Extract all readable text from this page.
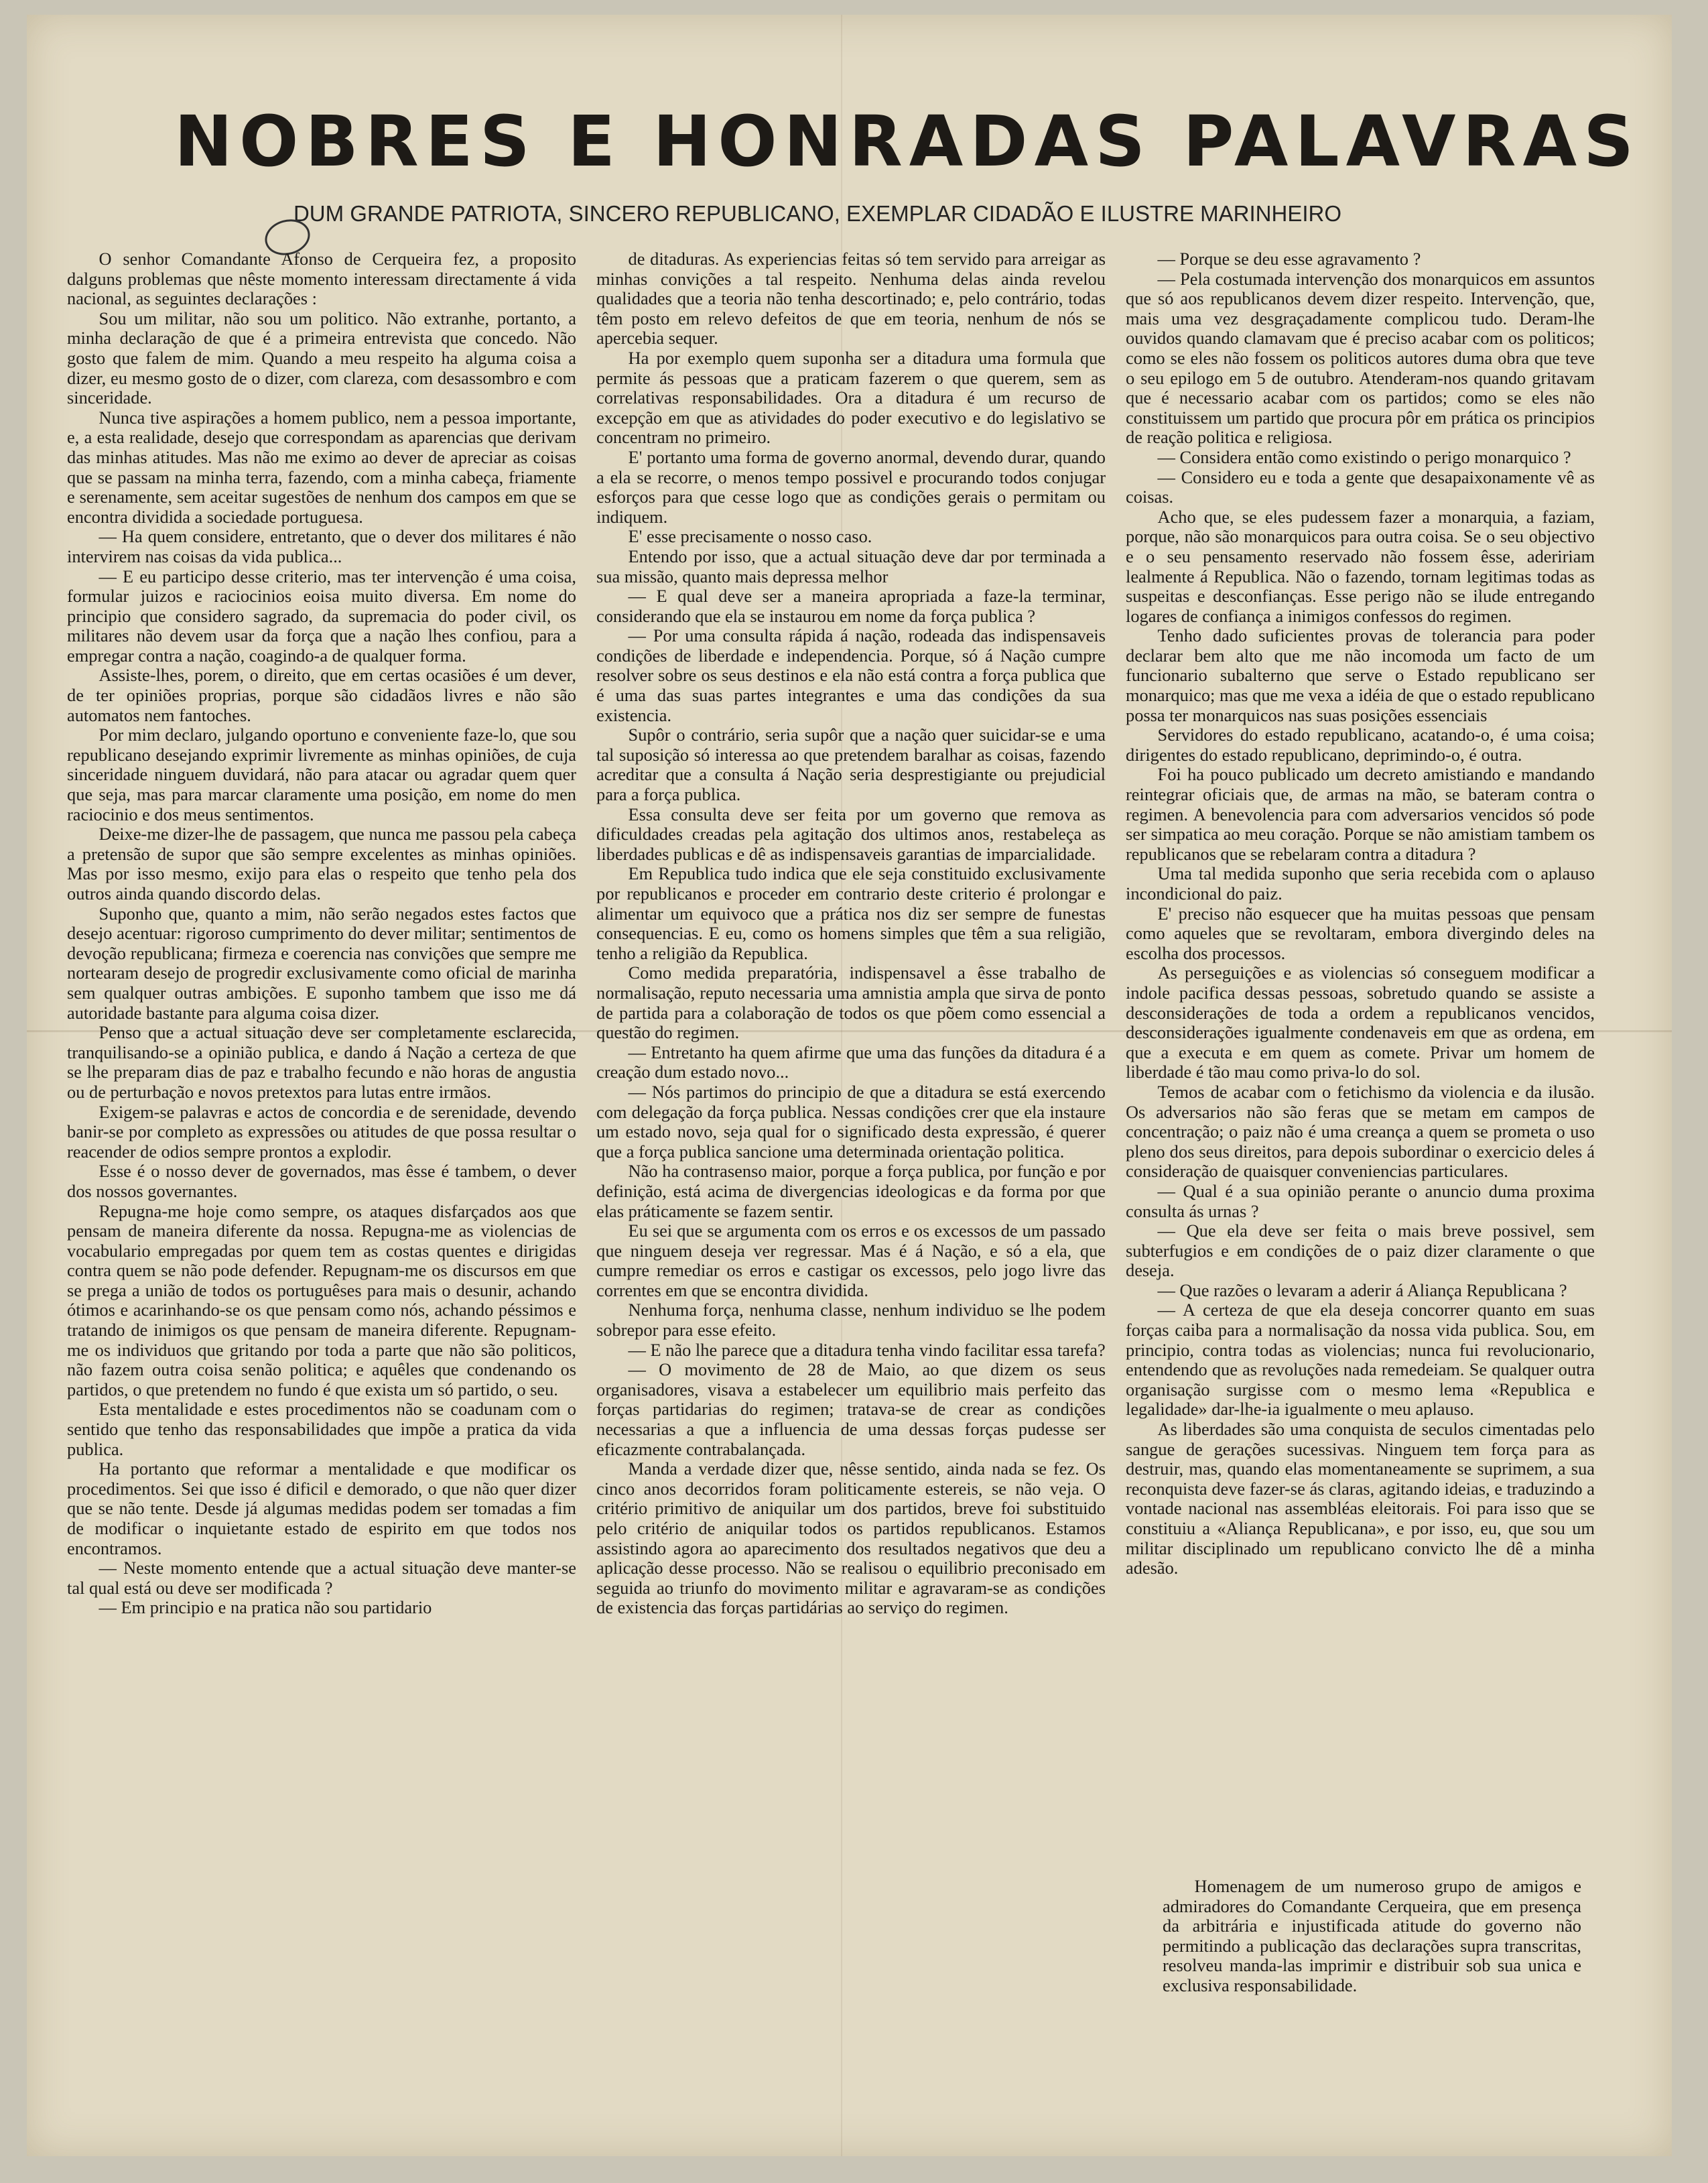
NOBRES E HONRADAS PALAVRAS
DUM GRANDE PATRIOTA, SINCERO REPUBLICANO, EXEMPLAR CIDADÃO E ILUSTRE MARINHEIRO

O senhor Comandante Afonso de Cerqueira fez, a proposito dalguns problemas que nêste momento interessam directamente á vida nacional, as seguintes declarações :

Sou um militar, não sou um politico. Não extranhe, portanto, a minha declaração de que é a primeira entrevista que concedo. Não gosto que falem de mim. Quando a meu respeito ha alguma coisa a dizer, eu mesmo gosto de o dizer, com clareza, com desassombro e com sinceridade.

Nunca tive aspirações a homem publico, nem a pessoa importante, e, a esta realidade, desejo que correspondam as aparencias que derivam das minhas atitudes. Mas não me eximo ao dever de apreciar as coisas que se passam na minha terra, fazendo, com a minha cabeça, friamente e serenamente, sem aceitar sugestões de nenhum dos campos em que se encontra dividida a sociedade portuguesa.

— Ha quem considere, entretanto, que o dever dos militares é não intervirem nas coisas da vida publica...

— E eu participo desse criterio, mas ter intervenção é uma coisa, formular juizos e raciocinios eoisa muito diversa. Em nome do principio que considero sagrado, da supremacia do poder civil, os militares não devem usar da força que a nação lhes confiou, para a empregar contra a nação, coagindo-a de qualquer forma.

Assiste-lhes, porem, o direito, que em certas ocasiões é um dever, de ter opiniões proprias, porque são cidadãos livres e não são automatos nem fantoches.

Por mim declaro, julgando oportuno e conveniente faze-lo, que sou republicano desejando exprimir livremente as minhas opiniões, de cuja sinceridade ninguem duvidará, não para atacar ou agradar quem quer que seja, mas para marcar claramente uma posição, em nome do men raciocinio e dos meus sentimentos.

Deixe-me dizer-lhe de passagem, que nunca me passou pela cabeça a pretensão de supor que são sempre excelentes as minhas opiniões. Mas por isso mesmo, exijo para elas o respeito que tenho pela dos outros ainda quando discordo delas.

Suponho que, quanto a mim, não serão negados estes factos que desejo acentuar: rigoroso cumprimento do dever militar; sentimentos de devoção republicana; firmeza e coerencia nas convições que sempre me nortearam desejo de progredir exclusivamente como oficial de marinha sem qualquer outras ambições. E suponho tambem que isso me dá autoridade bastante para alguma coisa dizer.

Penso que a actual situação deve ser completamente esclarecida, tranquilisando-se a opinião publica, e dando á Nação a certeza de que se lhe preparam dias de paz e trabalho fecundo e não horas de angustia ou de perturbação e novos pretextos para lutas entre irmãos.

Exigem-se palavras e actos de concordia e de serenidade, devendo banir-se por completo as expressões ou atitudes de que possa resultar o reacender de odios sempre prontos a explodir.

Esse é o nosso dever de governados, mas êsse é tambem, o dever dos nossos governantes.

Repugna-me hoje como sempre, os ataques disfarçados aos que pensam de maneira diferente da nossa. Repugna-me as violencias de vocabulario empregadas por quem tem as costas quentes e dirigidas contra quem se não pode defender. Repugnam-me os discursos em que se prega a união de todos os portuguêses para mais o desunir, achando ótimos e acarinhando-se os que pensam como nós, achando péssimos e tratando de inimigos os que pensam de maneira diferente. Repugnam-me os individuos que gritando por toda a parte que não são politicos, não fazem outra coisa senão politica; e aquêles que condenando os partidos, o que pretendem no fundo é que exista um só partido, o seu.

Esta mentalidade e estes procedimentos não se coadunam com o sentido que tenho das responsabilidades que impõe a pratica da vida publica.

Ha portanto que reformar a mentalidade e que modificar os procedimentos. Sei que isso é dificil e demorado, o que não quer dizer que se não tente. Desde já algumas medidas podem ser tomadas a fim de modificar o inquietante estado de espirito em que todos nos encontramos.

— Neste momento entende que a actual situação deve manter-se tal qual está ou deve ser modificada ?

— Em principio e na pratica não sou partidario

de ditaduras. As experiencias feitas só tem servido para arreigar as minhas convições a tal respeito. Nenhuma delas ainda revelou qualidades que a teoria não tenha descortinado; e, pelo contrário, todas têm posto em relevo defeitos de que em teoria, nenhum de nós se apercebia sequer.

Ha por exemplo quem suponha ser a ditadura uma formula que permite ás pessoas que a praticam fazerem o que querem, sem as correlativas responsabilidades. Ora a ditadura é um recurso de excepção em que as atividades do poder executivo e do legislativo se concentram no primeiro.

E' portanto uma forma de governo anormal, devendo durar, quando a ela se recorre, o menos tempo possivel e procurando todos conjugar esforços para que cesse logo que as condições gerais o permitam ou indiquem.

E' esse precisamente o nosso caso.

Entendo por isso, que a actual situação deve dar por terminada a sua missão, quanto mais depressa melhor

— E qual deve ser a maneira apropriada a faze-la terminar, considerando que ela se instaurou em nome da força publica ?

— Por uma consulta rápida á nação, rodeada das indispensaveis condições de liberdade e independencia. Porque, só á Nação cumpre resolver sobre os seus destinos e ela não está contra a força publica que é uma das suas partes integrantes e uma das condições da sua existencia.

Supôr o contrário, seria supôr que a nação quer suicidar-se e uma tal suposição só interessa ao que pretendem baralhar as coisas, fazendo acreditar que a consulta á Nação seria desprestigiante ou prejudicial para a força publica.

Essa consulta deve ser feita por um governo que remova as dificuldades creadas pela agitação dos ultimos anos, restabeleça as liberdades publicas e dê as indispensaveis garantias de imparcialidade.

Em Republica tudo indica que ele seja constituido exclusivamente por republicanos e proceder em contrario deste criterio é prolongar e alimentar um equivoco que a prática nos diz ser sempre de funestas consequencias. E eu, como os homens simples que têm a sua religião, tenho a religião da Republica.

Como medida preparatória, indispensavel a êsse trabalho de normalisação, reputo necessaria uma amnistia ampla que sirva de ponto de partida para a colaboração de todos os que põem como essencial a questão do regimen.

— Entretanto ha quem afirme que uma das funções da ditadura é a creação dum estado novo...

— Nós partimos do principio de que a ditadura se está exercendo com delegação da força publica. Nessas condições crer que ela instaure um estado novo, seja qual for o significado desta expressão, é querer que a força publica sancione uma determinada orientação politica.

Não ha contrasenso maior, porque a força publica, por função e por definição, está acima de divergencias ideologicas e da forma por que elas práticamente se fazem sentir.

Eu sei que se argumenta com os erros e os excessos de um passado que ninguem deseja ver regressar. Mas é á Nação, e só a ela, que cumpre remediar os erros e castigar os excessos, pelo jogo livre das correntes em que se encontra dividida.

Nenhuma força, nenhuma classe, nenhum individuo se lhe podem sobrepor para esse efeito.

— E não lhe parece que a ditadura tenha vindo facilitar essa tarefa?

— O movimento de 28 de Maio, ao que dizem os seus organisadores, visava a estabelecer um equilibrio mais perfeito das forças partidarias do regimen; tratava-se de crear as condições necessarias a que a influencia de uma dessas forças pudesse ser eficazmente contrabalançada.

Manda a verdade dizer que, nêsse sentido, ainda nada se fez. Os cinco anos decorridos foram politicamente estereis, se não veja. O critério primitivo de aniquilar um dos partidos, breve foi substituido pelo critério de aniquilar todos os partidos republicanos. Estamos assistindo agora ao aparecimento dos resultados negativos que deu a aplicação desse processo. Não se realisou o equilibrio preconisado em seguida ao triunfo do movimento militar e agravaram-se as condições de existencia das forças partidárias ao serviço do regimen.

— Porque se deu esse agravamento ?

— Pela costumada intervenção dos monarquicos em assuntos que só aos republicanos devem dizer respeito. Intervenção, que, mais uma vez desgraçadamente complicou tudo. Deram-lhe ouvidos quando clamavam que é preciso acabar com os politicos; como se eles não fossem os politicos autores duma obra que teve o seu epilogo em 5 de outubro. Atenderam-nos quando gritavam que é necessario acabar com os partidos; como se eles não constituissem um partido que procura pôr em prática os principios de reação politica e religiosa.

— Considera então como existindo o perigo monarquico ?

— Considero eu e toda a gente que desapaixonamente vê as coisas.

Acho que, se eles pudessem fazer a monarquia, a faziam, porque, não são monarquicos para outra coisa. Se o seu objectivo e o seu pensamento reservado não fossem êsse, adeririam lealmente á Republica. Não o fazendo, tornam legitimas todas as suspeitas e desconfianças. Esse perigo não se ilude entregando logares de confiança a inimigos confessos do regimen.

Tenho dado suficientes provas de tolerancia para poder declarar bem alto que me não incomoda um facto de um funcionario subalterno que serve o Estado republicano ser monarquico; mas que me vexa a idéia de que o estado republicano possa ter monarquicos nas suas posições essenciais

Servidores do estado republicano, acatando-o, é uma coisa; dirigentes do estado republicano, deprimindo-o, é outra.

Foi ha pouco publicado um decreto amistiando e mandando reintegrar oficiais que, de armas na mão, se bateram contra o regimen. A benevolencia para com adversarios vencidos só pode ser simpatica ao meu coração. Porque se não amistiam tambem os republicanos que se rebelaram contra a ditadura ?

Uma tal medida suponho que seria recebida com o aplauso incondicional do paiz.

E' preciso não esquecer que ha muitas pessoas que pensam como aqueles que se revoltaram, embora divergindo deles na escolha dos processos.

As perseguições e as violencias só conseguem modificar a indole pacifica dessas pessoas, sobretudo quando se assiste a desconsiderações de toda a ordem a republicanos vencidos, desconsiderações igualmente condenaveis em que as ordena, em que a executa e em quem as comete. Privar um homem de liberdade é tão mau como priva-lo do sol.

Temos de acabar com o fetichismo da violencia e da ilusão. Os adversarios não são feras que se metam em campos de concentração; o paiz não é uma creança a quem se prometa o uso pleno dos seus direitos, para depois subordinar o exercicio deles á consideração de quaisquer conveniencias particulares.

— Qual é a sua opinião perante o anuncio duma proxima consulta ás urnas ?

— Que ela deve ser feita o mais breve possivel, sem subterfugios e em condições de o paiz dizer claramente o que deseja.

— Que razões o levaram a aderir á Aliança Republicana ?

— A certeza de que ela deseja concorrer quanto em suas forças caiba para a normalisação da nossa vida publica. Sou, em principio, contra todas as violencias; nunca fui revolucionario, entendendo que as revoluções nada remedeiam. Se qualquer outra organisação surgisse com o mesmo lema «Republica e legalidade» dar-lhe-ia igualmente o meu aplauso.

As liberdades são uma conquista de seculos cimentadas pelo sangue de gerações sucessivas. Ninguem tem força para as destruir, mas, quando elas momentaneamente se suprimem, a sua reconquista deve fazer-se ás claras, agitando ideias, e traduzindo a vontade nacional nas assembléas eleitorais. Foi para isso que se constituiu a «Aliança Republicana», e por isso, eu, que sou um militar disciplinado um republicano convicto lhe dê a minha adesão.

Homenagem de um numeroso grupo de amigos e admiradores do Comandante Cerqueira, que em presença da arbitrária e injustificada atitude do governo não permitindo a publicação das declarações supra transcritas, resolveu manda-las imprimir e distribuir sob sua unica e exclusiva responsabilidade.
